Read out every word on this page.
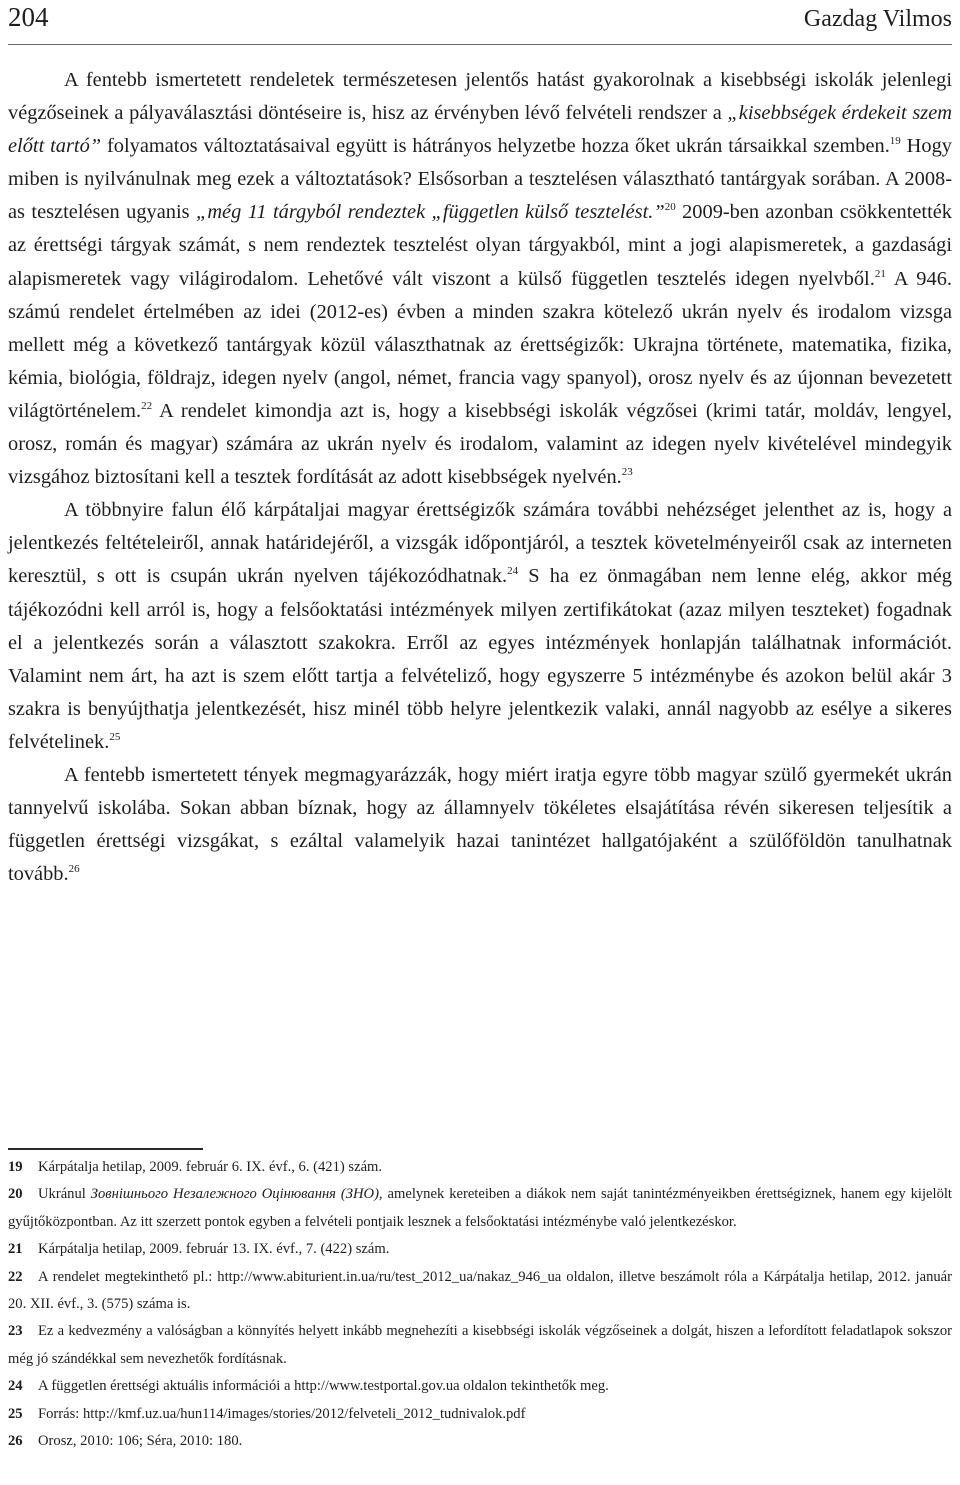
204	Gazdag Vilmos

A fentebb ismertetett rendeletek természetesen jelentős hatást gyakorolnak a kisebbségi iskolák jelenlegi végzőseinek a pályaválasztási döntéseire is, hisz az érvényben lévő felvételi rendszer a „kisebbségek érdekeit szem előtt tartó” folyamatos változtatásaival együtt is hátrányos helyzetbe hozza őket ukrán társaikkal szemben.$^{19}$ Hogy miben is nyilvánulnak meg ezek a változtatások? Elsősorban a tesztelésen választható tantárgyak sorában. A 2008-as tesztelésen ugyanis „még 11 tárgyból rendeztek „független külső tesztelést.”$^{20}$ 2009-ben azonban csökkentették az érettségi tárgyak számát, s nem rendeztek tesztelést olyan tárgyakból, mint a jogi alapismeretek, a gazdasági alapismeretek vagy világirodalom. Lehetővé vált viszont a külső független tesztelés idegen nyelvből.$^{21}$ A 946. számú rendelet értelmében az idei (2012-es) évben a minden szakra kötelező ukrán nyelv és irodalom vizsga mellett még a következő tantárgyak közül választhatnak az érettségizők: Ukrajna története, matematika, fizika, kémia, biológia, földrajz, idegen nyelv (angol, német, francia vagy spanyol), orosz nyelv és az újonnan bevezetett világtörténelem.$^{22}$ A rendelet kimondja azt is, hogy a kisebbségi iskolák végzősei (krimi tatár, moldáv, lengyel, orosz, román és magyar) számára az ukrán nyelv és irodalom, valamint az idegen nyelv kivételével mindegyik vizsgához biztosítani kell a tesztek fordítását az adott kisebbségek nyelvén.$^{23}$

A többnyire falun élő kárpátaljai magyar érettségizők számára további nehézséget jelenthet az is, hogy a jelentkezés feltételeiről, annak határidejéről, a vizsgák időpontjáról, a tesztek követelményeiről csak az interneten keresztül, s ott is csupán ukrán nyelven tájékozódhatnak.$^{24}$ S ha ez önmagában nem lenne elég, akkor még tájékozódni kell arról is, hogy a felsőoktatási intézmények milyen zertifikátokat (azaz milyen teszteket) fogadnak el a jelentkezés során a választott szakokra. Erről az egyes intézmények honlapján találhatnak információt. Valamint nem árt, ha azt is szem előtt tartja a felvételiző, hogy egyszerre 5 intézménybe és azokon belül akár 3 szakra is benyújthatja jelentkezését, hisz minél több helyre jelentkezik valaki, annál nagyobb az esélye a sikeres felvételinek.$^{25}$

A fentebb ismertetett tények megmagyarázzák, hogy miért iratja egyre több magyar szülő gyermekét ukrán tannyelvű iskolába. Sokan abban bíznak, hogy az államnyelv tökéletes elsajátítása révén sikeresen teljesítik a független érettségi vizsgákat, s ezáltal valamelyik hazai tanintézet hallgatójaként a szülőföldön tanulhatnak tovább.$^{26}$

19 Kárpátalja hetilap, 2009. február 6. IX. évf., 6. (421) szám.

20 Ukránul Зовнішнього Незалежного Оцінювання (ЗНО), amelynek kereteiben a diákok nem saját tanintézményeikben érettségiznek, hanem egy kijelölt gyűjtőközpontban. Az itt szerzett pontok egyben a felvételi pontjaik lesznek a felsőoktatási intézménybe való jelentkezéskor.

21 Kárpátalja hetilap, 2009. február 13. IX. évf., 7. (422) szám.

22 A rendelet megtekinthető pl.: http://www.abiturient.in.ua/ru/test_2012_ua/nakaz_946_ua oldalon, illetve beszámolt róla a Kárpátalja hetilap, 2012. január 20. XII. évf., 3. (575) száma is.

23 Ez a kedvezmény a valóságban a könnyítés helyett inkább megnehezíti a kisebbségi iskolák végzőseinek a dolgát, hiszen a lefordított feladatlapok sokszor még jó szándékkal sem nevezhetők fordításnak.

24 A független érettségi aktuális információi a http://www.testportal.gov.ua oldalon tekinthetők meg.

25 Forrás: http://kmf.uz.ua/hun114/images/stories/2012/felveteli_2012_tudnivalok.pdf

26 Orosz, 2010: 106; Séra, 2010: 180.
